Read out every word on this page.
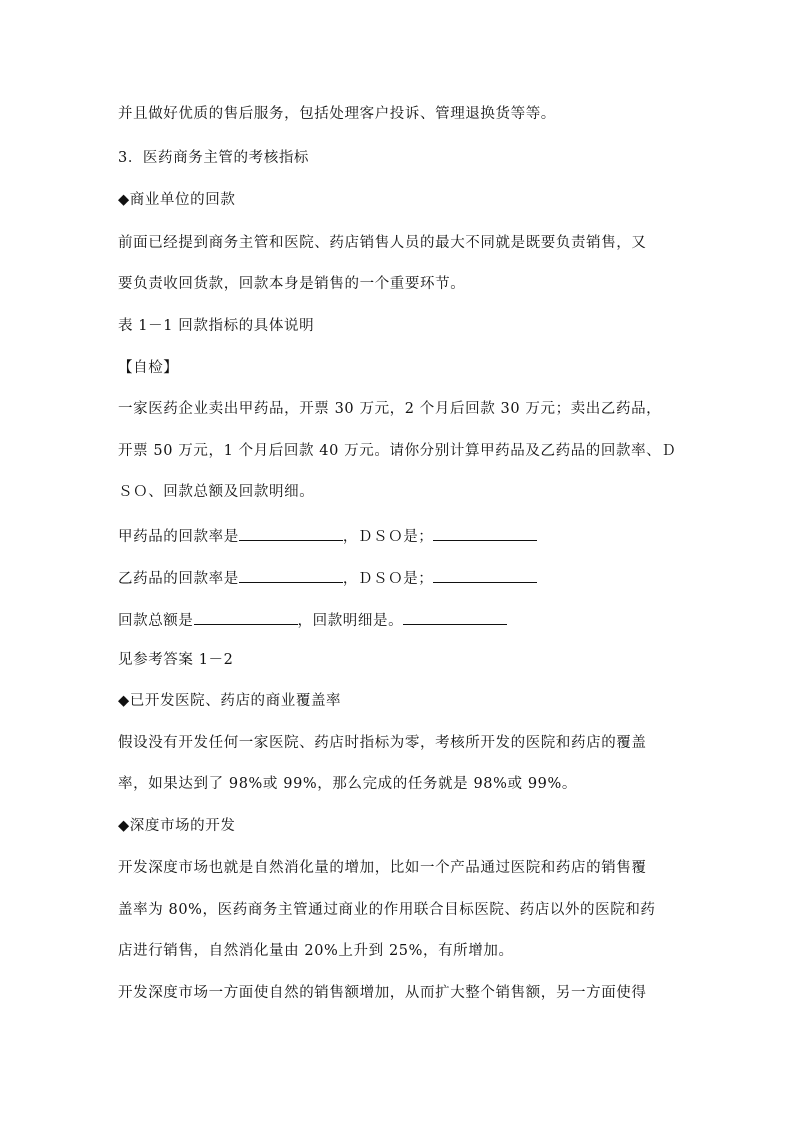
并且做好优质的售后服务，包括处理客户投诉、管理退换货等等。
3．医药商务主管的考核指标
◆商业单位的回款
前面已经提到商务主管和医院、药店销售人员的最大不同就是既要负责销售，又
要负责收回货款，回款本身是销售的一个重要环节。
表 1－1 回款指标的具体说明
【自检】
一家医药企业卖出甲药品，开票 30 万元，2 个月后回款 30 万元；卖出乙药品，
开票 50 万元，1 个月后回款 40 万元。请你分别计算甲药品及乙药品的回款率、Ｄ
ＳＯ、回款总额及回款明细。
甲药品的回款率是	，ＤＳＯ是；
乙药品的回款率是	，ＤＳＯ是；
回款总额是	，回款明细是。
见参考答案 1－2
◆已开发医院、药店的商业覆盖率
假设没有开发任何一家医院、药店时指标为零，考核所开发的医院和药店的覆盖
率，如果达到了 98%或 99%，那么完成的任务就是 98%或 99%。
◆深度市场的开发
开发深度市场也就是自然消化量的增加，比如一个产品通过医院和药店的销售覆
盖率为 80%，医药商务主管通过商业的作用联合目标医院、药店以外的医院和药
店进行销售，自然消化量由 20%上升到 25%，有所增加。
开发深度市场一方面使自然的销售额增加，从而扩大整个销售额，另一方面使得
